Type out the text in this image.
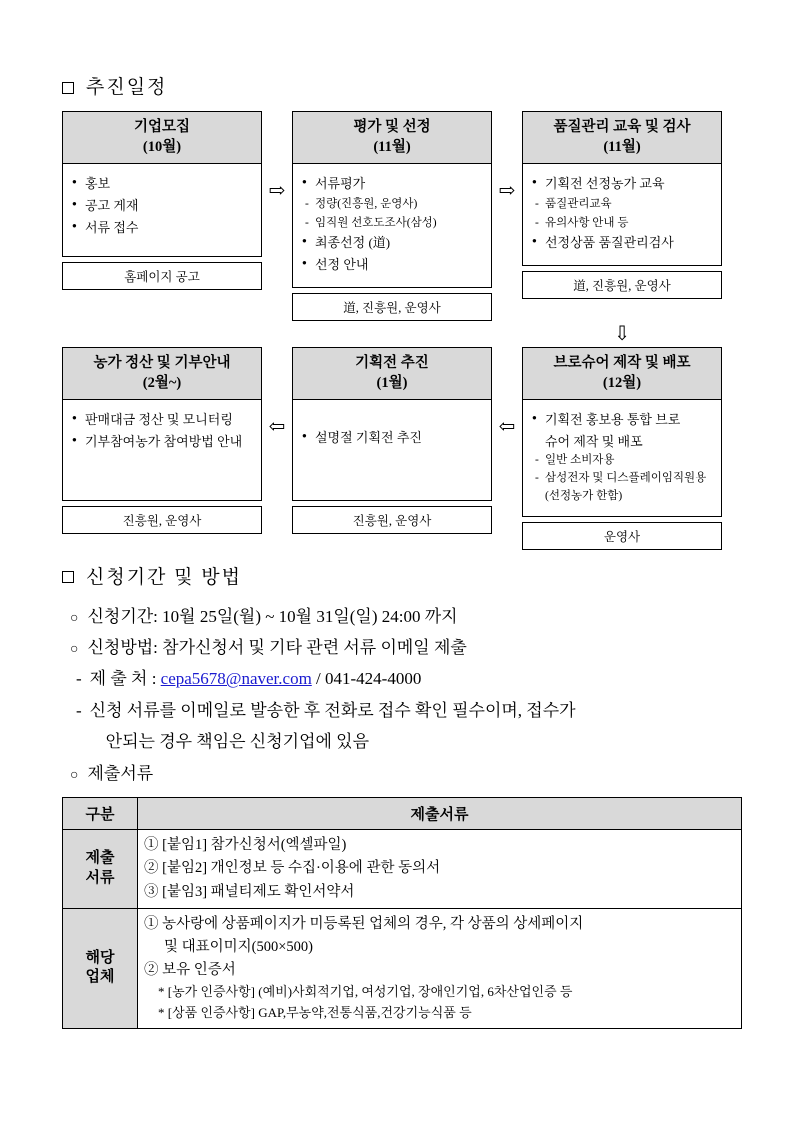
추진일정
기업모집
(10월)
● 홍보
● 공고 게재
● 서류 접수
홈페이지 공고
⇨
평가 및 선정
(11월)
● 서류평가
- 정량(진흥원, 운영사)
- 임직원 선호도조사(삼성)
● 최종선정 (道)
● 선정 안내
道, 진흥원, 운영사
⇨
품질관리 교육 및 검사
(11월)
● 기획전 선정농가 교육
- 품질관리교육
- 유의사항 안내 등
● 선정상품 품질관리검사
道, 진흥원, 운영사
⇩
농가 정산 및 기부안내
(2월~)
● 판매대금 정산 및 모니터링
● 기부참여농가 참여방법 안내
진흥원, 운영사
⇦
기획전 추진
(1월)
● 설명절 기획전 추진
진흥원, 운영사
⇦
브로슈어 제작 및 배포
(12월)
● 기획전 홍보용 통합 브로
슈어 제작 및 배포
- 일반 소비자용
- 삼성전자 및 디스플레이임직원용
(선정농가 한함)
운영사
신청기간 및 방법
○ 신청기간: 10월 25일(월) ~ 10월 31일(일) 24:00 까지
○ 신청방법: 참가신청서 및 기타 관련 서류 이메일 제출
- 제 출 처 : cepa5678@naver.com / 041-424-4000
- 신청 서류를 이메일로 발송한 후 전화로 접수 확인 필수이며, 접수가
안되는 경우 책임은 신청기업에 있음
○ 제출서류
구분	제출서류

제출
서류

① [붙임1] 참가신청서(엑셀파일)
② [붙임2] 개인정보 등 수집·이용에 관한 동의서
③ [붙임3] 패널티제도 확인서약서

해당
업체

① 농사랑에 상품페이지가 미등록된 업체의 경우, 각 상품의 상세페이지
및 대표이미지(500×500)
② 보유 인증서
* [농가 인증사항] (예비)사회적기업, 여성기업, 장애인기업, 6차산업인증 등
* [상품 인증사항] GAP,무농약,전통식품,건강기능식품 등
